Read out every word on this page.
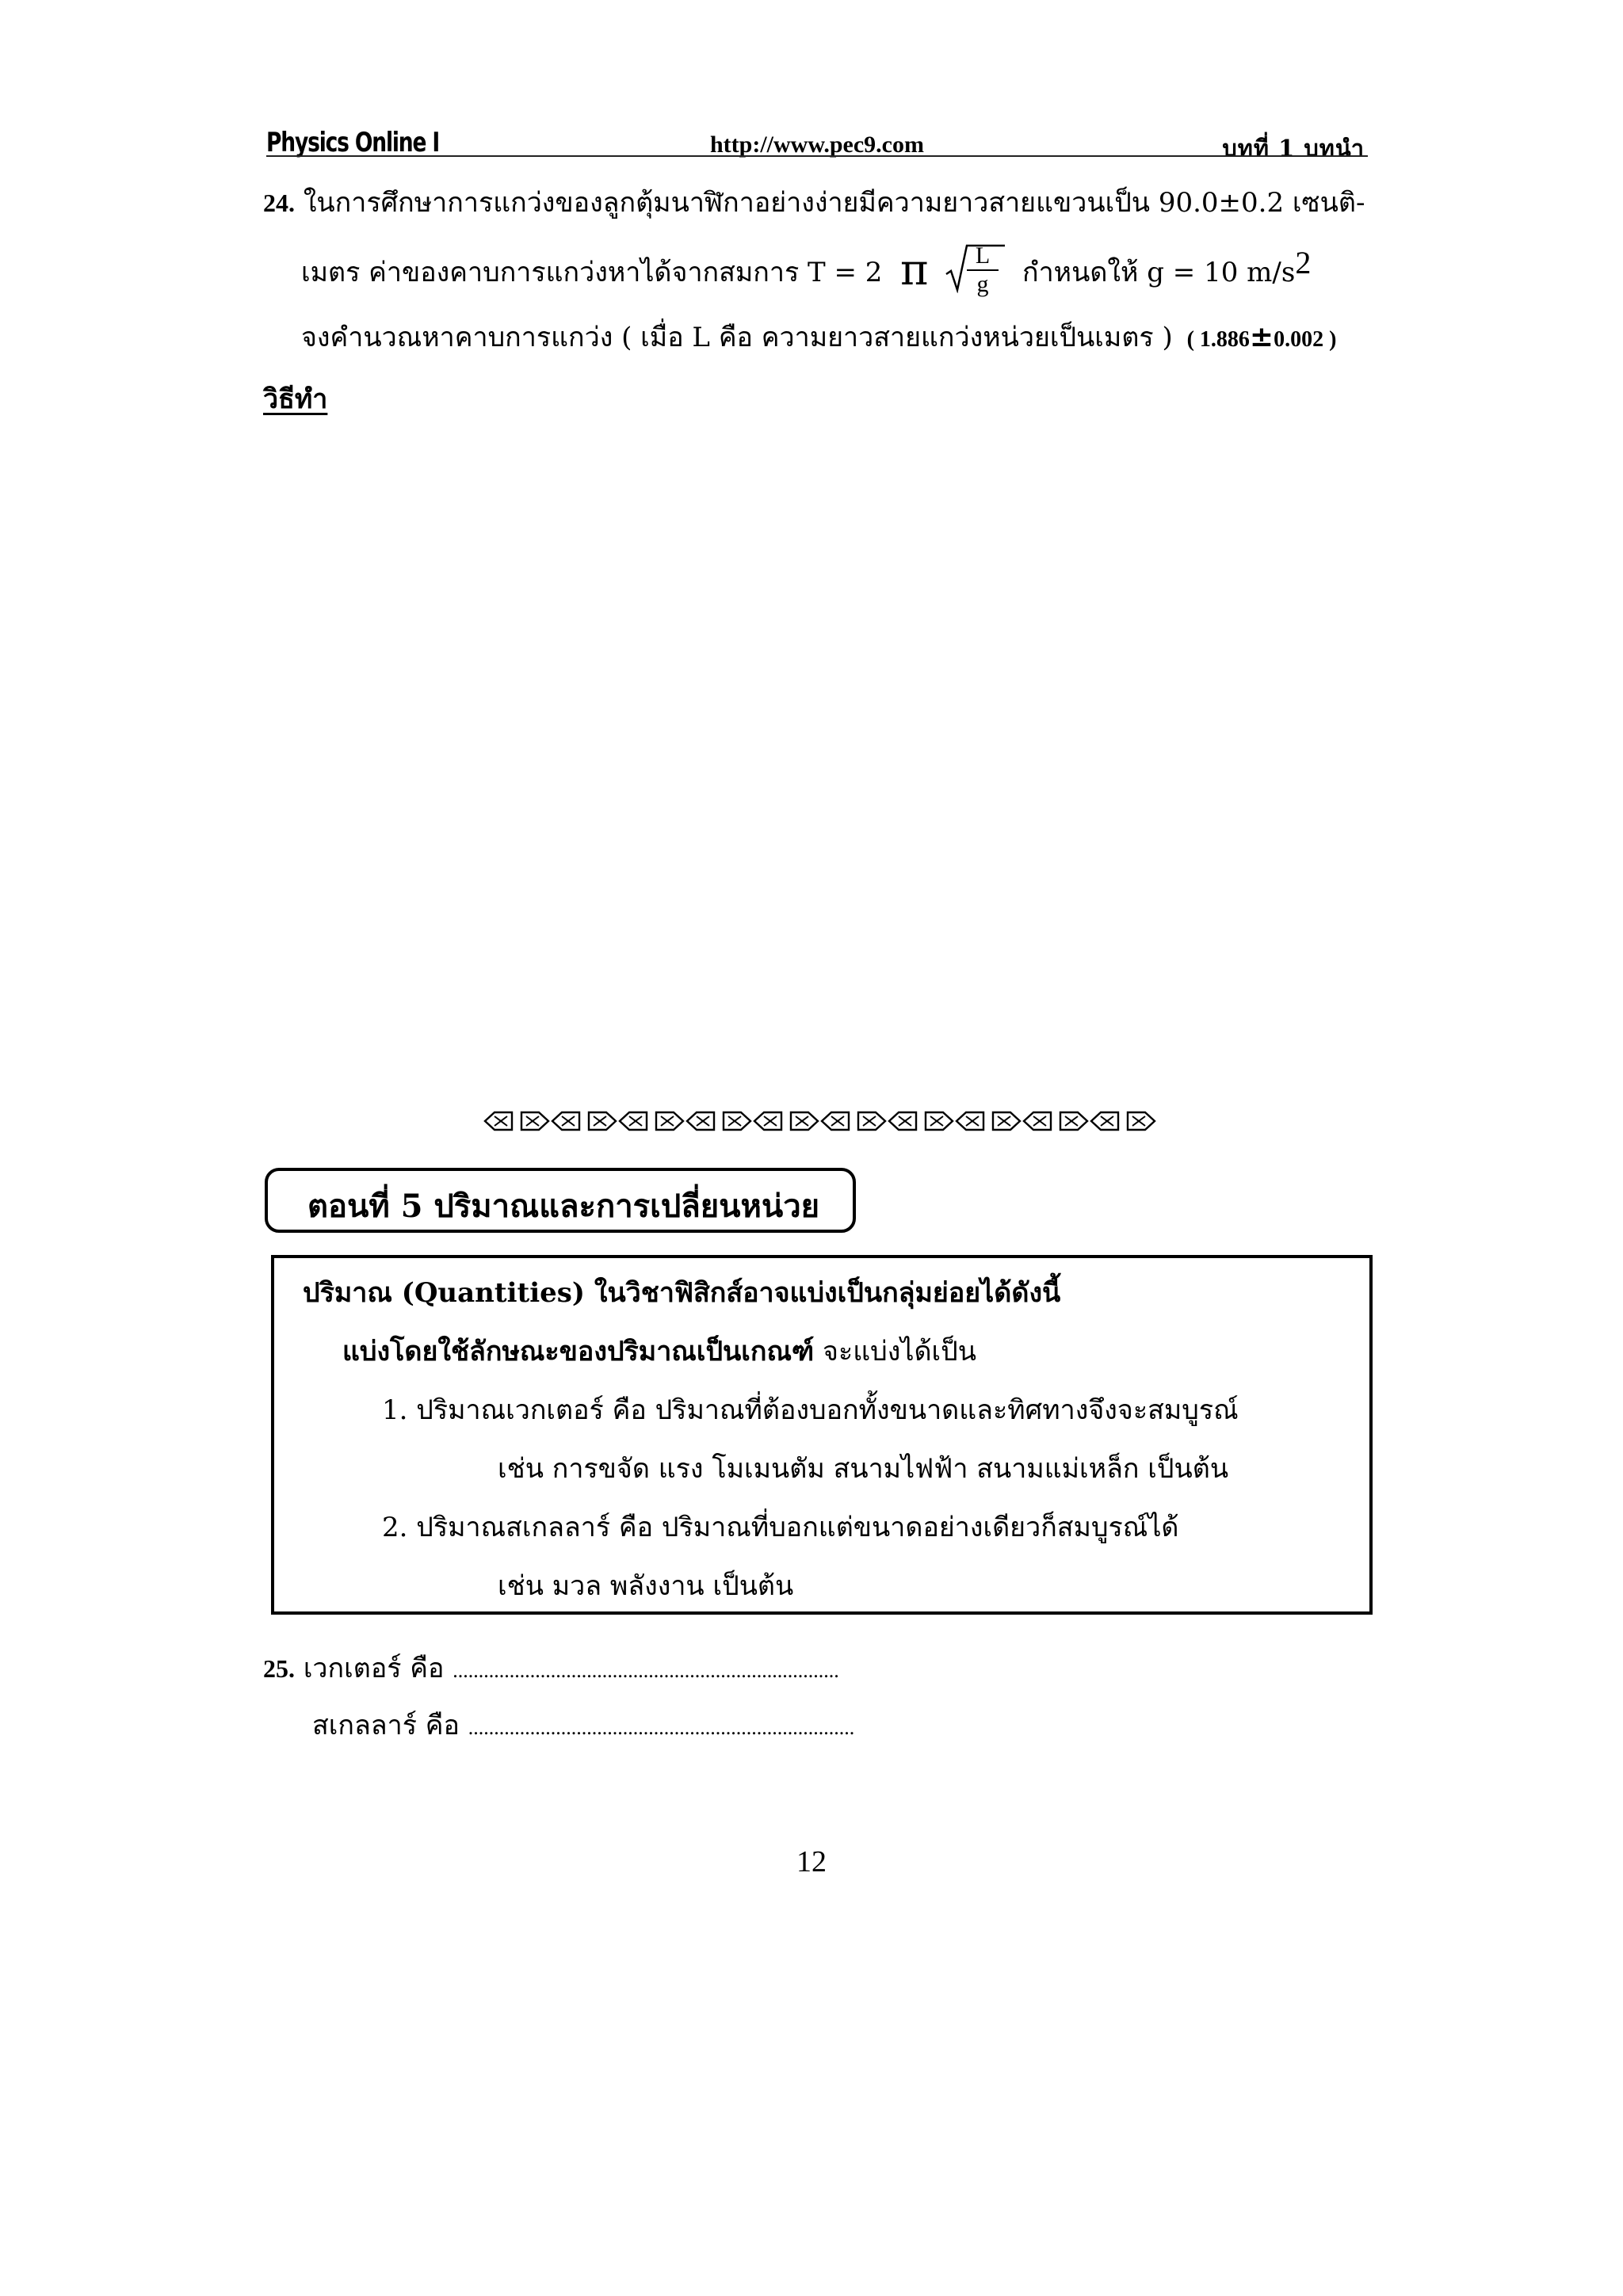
Physics Online I	http://www.pec9.com	บทที่ 1 บทนำ
24. ในการศึกษาการแกว่งของลูกตุ้มนาฬิกาอย่างง่ายมีความยาวสายแขวนเป็น 90.0±0.2 เซนติ-
เมตร ค่าของคาบการแกว่งหาได้จากสมการ T = 2 π	L
g	กำหนดให้ g = 10 m/s2
จงคำนวณหาคาบการแกว่ง ( เมื่อ L คือ ความยาวสายแกว่งหน่วยเป็นเมตร ) ( 1.886±0.002 )
วิธีทำ
ตอนที่ 5 ปริมาณและการเปลี่ยนหน่วย
ปริมาณ (Quantities) ในวิชาฟิสิกส์อาจแบ่งเป็นกลุ่มย่อยได้ดังนี้
แบ่งโดยใช้ลักษณะของปริมาณเป็นเกณฑ์ จะแบ่งได้เป็น
1. ปริมาณเวกเตอร์ คือ ปริมาณที่ต้องบอกทั้งขนาดและทิศทางจึงจะสมบูรณ์
เช่น การขจัด แรง โมเมนตัม สนามไฟฟ้า สนามแม่เหล็ก เป็นต้น
2. ปริมาณสเกลลาร์ คือ ปริมาณที่บอกแต่ขนาดอย่างเดียวก็สมบูรณ์ได้
เช่น มวล พลังงาน เป็นต้น
25. เวกเตอร์ คือ ...........................................................................
สเกลลาร์ คือ ...........................................................................
12
